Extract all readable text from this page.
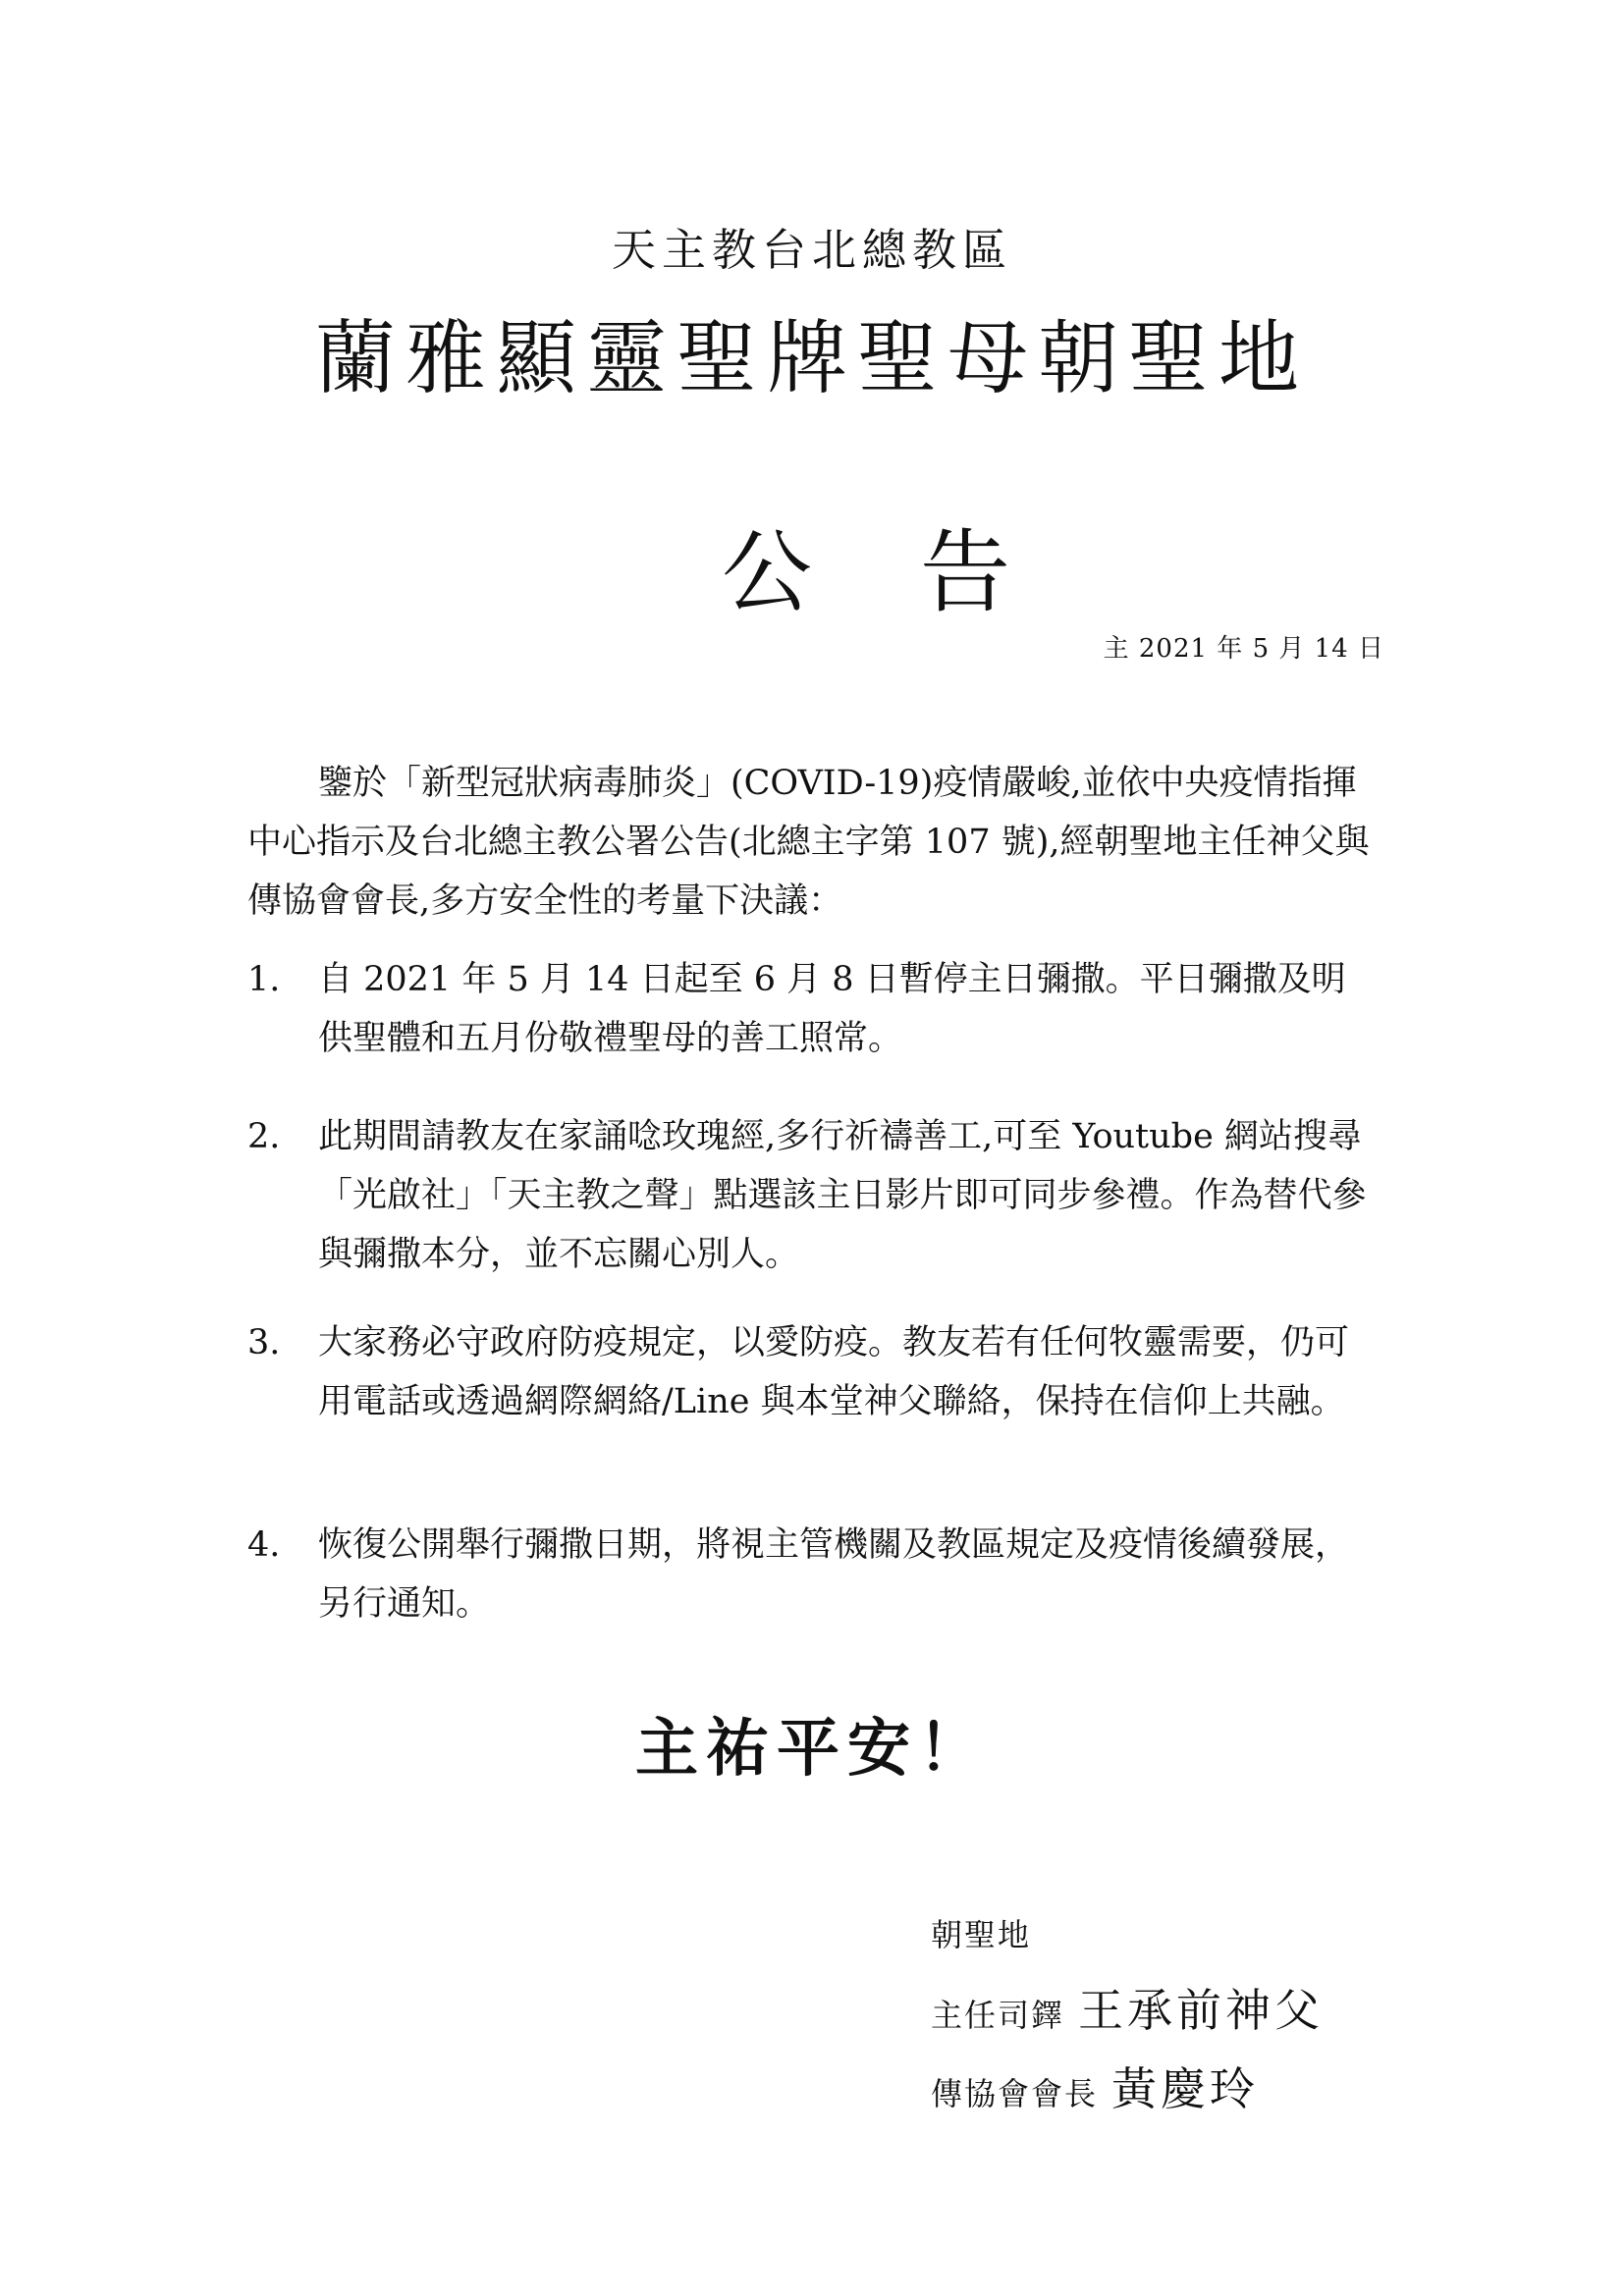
天主教台北總教區
蘭雅顯靈聖牌聖母朝聖地
公告
主 2021 年 5 月 14 日
鑒於「新型冠狀病毒肺炎」(COVID-19)疫情嚴峻,並依中央疫情指揮中心指示及台北總主教公署公告(北總主字第 107 號),經朝聖地主任神父與傳協會會長,多方安全性的考量下決議：
1.	自 2021 年 5 月 14 日起至 6 月 8 日暫停主日彌撒。平日彌撒及明供聖體和五月份敬禮聖母的善工照常。
2.	此期間請教友在家誦唸玫瑰經,多行祈禱善工,可至 Youtube 網站搜尋「光啟社」「天主教之聲」點選該主日影片即可同步參禮。作為替代參與彌撒本分，並不忘關心別人。
3.	大家務必守政府防疫規定，以愛防疫。教友若有任何牧靈需要，仍可用電話或透過網際網絡/Line 與本堂神父聯絡，保持在信仰上共融。
4.	恢復公開舉行彌撒日期，將視主管機關及教區規定及疫情後續發展，另行通知。
主祐平安！
朝聖地
主任司鐸 王承前神父
傳協會會長 黃慶玲
